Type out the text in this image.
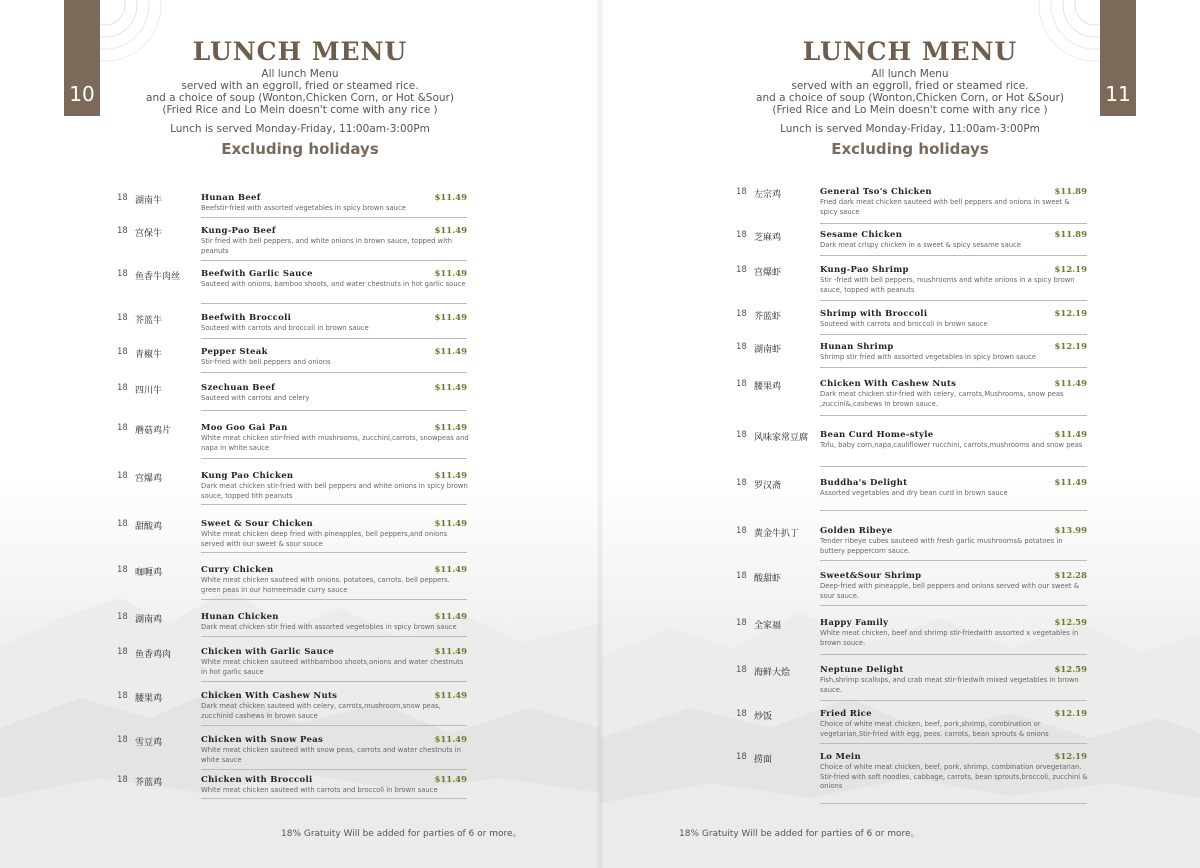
10
LUNCH MENU
All lunch Menu
served with an eggroll, fried or steamed rice.
and a choice of soup (Wonton,Chicken Corn, or Hot &Sour)
(Fried Rice and Lo Mein doesn't come with any rice )
Lunch is served Monday-Friday, 11:00am-3:00Pm
Excluding holidays
18 湖南牛	Hunan Beef	$11.49
Beefstir-fried with assorted vegetables in spicy brown sauce
18 宫保牛	Kung-Pao Beef	$11.49
Stir fried with bell peppers, and white onions in brown sauce, topped with peanuts
18 鱼香牛肉丝 Beefwith Garlic Sauce	$11.49
Sauteed with onions, bamboo shoots, and water chestnuts in hot garlic souce
18 芥蓝牛	Beefwith Broccoli	$11.49
Souteed with carrots and broccoli in brown sauce
18 青椒牛	Pepper Steak	$11.49
Stir-fried with bell peppers and onions
18 四川牛	Szechuan Beef	$11.49
Sauteed with carrots and celery
18 蘑菇鸡片	Moo Goo Gai Pan	$11.49
White meat chicken stir-fried with mushrooms, zucchini,carrots, snowpeas and napa in white sauce
18 宫爆鸡	Kung Pao Chicken	$11.49
Dark meat chicken stir-fried with bell peppers and white onions in spicy brown souce, topped tith peanuts
18 甜酸鸡	Sweet & Sour Chicken	$11.49
White meat chicken deep fried with pineapples, bell peppers,and onions served with our sweet & sour souce
18 咖喱鸡	Curry Chicken	$11.49
White meat chicken sauteed with onions. potatoes, carrots. bell peppers. green peas in our homeemade curry sauce
18 湖南鸡	Hunan Chicken	$11.49
Dark meat chicken stir fried with assorted vegetobles in spicy brown sauce
18 鱼香鸡肉	Chicken with Garlic Sauce	$11.49
White meat chicken sauteed withbamboo shoots,onions and water chestnuts in hot garlic sauce
18 腰果鸡	Chicken With Cashew Nuts	$11.49
Dark meat chicken sauteed with celery, carrots,mushroom,snow peas, zucchinid cashews in brown sauce
18 雪豆鸡	Chicken with Snow Peas	$11.49
White meat chicken sauteed with snow peas, carrots and water chestnuts in white sauce
18 芥蓝鸡	Chicken with Broccoli	$11.49
White meat chicken sauteed with carrots and broccoli in brown sauce
18% Gratuity Will be added for parties of 6 or more。
11
LUNCH MENU
All lunch Menu
served with an eggroll, fried or steamed rice.
and a choice of soup (Wonton,Chicken Corn, or Hot &Sour)
(Fried Rice and Lo Mein doesn't come with any rice )
Lunch is served Monday-Friday, 11:00am-3:00Pm
Excluding holidays
18 左宗鸡	General Tso's Chicken	$11.89
Fried dark meat chicken sauteed with bell peppers and onions in sweet & spicy sauce
18 芝麻鸡	Sesame Chicken	$11.89
Dark meat crispy chicken in a sweet & spicy sesame sauce
18 宫爆虾	Kung-Pao Shrimp	$12.19
Stir -fried with bell peppers, mushrooms and white onions in a spicy brown sauce, topped with peanuts
18 芥蓝虾	Shrimp with Broccoli	$12.19
Souteed with carrots and broccoli in brown sauce
18 湖南虾	Hunan Shrimp	$12.19
Shrimp stir fried with assorted vegetables in spicy brown sauce
18 腰果鸡	Chicken With Cashew Nuts	$11.49
Dark meat chicken stir-fried with celery, carrots,Mushrooms, snow peas ,zuccini&,cashews In brown sauce.
18 风味家常豆腐 Bean Curd Home-style	$11.49
Tofu, baby corn,napa,cauliflower rucchini, carrots,mushrooms and snow peas
18 罗汉斋	Buddha's Delight	$11.49
Assorted vegetables and dry bean curd in brown sauce
18 黄金牛扒丁 Golden Ribeye	$13.99
Tender ribeye cubes sauteed with fresh garlic mushrooms& potatoes in buttery peppercorn sauce.
18 酸甜虾	Sweet&Sour Shrimp	$12.28
Deep-fried with pineapple, bell peppers and onions served with our sweet & sour sauce.
18 全家福	Happy Family	$12.59
White meat chicken, beef and shrimp stir-friedwith assorted x vegetables in brown souce.
18 海鲜大烩	Neptune Delight	$12.59
Fish,shrimp scallops, and crab meat stir-friedwih mixed vegetables in brown sauce.
18 炒饭	Fried Rice	$12.19
Choice of white meat chicken, beef, pork,shrimp, combination or vegetarian,Stir-fried with egg, peos. carrots, bean sprouts & onions
18 捞面	Lo Mein	$12.19
Choice of white meat chicken, beef, pork, shrimp, combination orvegetarian. Stir-fried with soft noodles, cabbage, carrots, bean sprouts,broccoli, zucchini & onions
18% Gratuity Will be added for parties of 6 or more。
